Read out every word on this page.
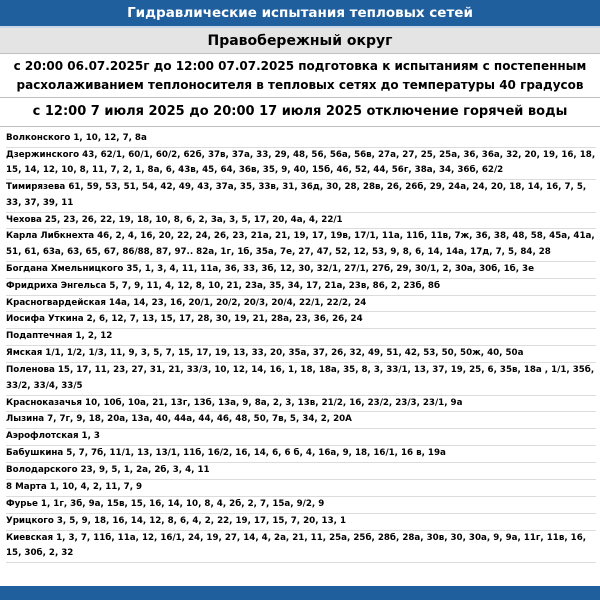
Гидравлические испытания тепловых сетей
Правобережный округ
с 20:00 06.07.2025г до 12:00 07.07.2025 подготовка к испытаниям с постепенным расхолаживанием теплоносителя в тепловых сетях до температуры 40 градусов
с 12:00 7 июля 2025 до 20:00 17 июля 2025 отключение горячей воды
Волконского 1, 10, 12, 7, 8а
Дзержинского 43, 62/1, 60/1, 60/2, 62б, 37в, 37а, 33, 29, 48, 56, 56а, 56в, 27а, 27, 25, 25а, 36, 36а, 32, 20, 19, 16, 18, 15, 14, 12, 10, 8, 11, 7, 2, 1, 8а, 6, 43в, 45, 64, 36в, 35, 9, 40, 15б, 46, 52, 44, 56г, 38а, 34, 36б, 62/2
Тимирязева 61, 59, 53, 51, 54, 42, 49, 43, 37а, 35, 33в, 31, 36д, 30, 28, 28в, 26, 26б, 29, 24а, 24, 20, 18, 14, 16, 7, 5, 33, 37, 39, 11
Чехова 25, 23, 26, 22, 19, 18, 10, 8, 6, 2, 3а, 3, 5, 17, 20, 4а, 4, 22/1
Карла Либкнехта 46, 2, 4, 16, 20, 22, 24, 26, 23, 21а, 21, 19, 17, 19в, 17/1, 11а, 11б, 11в, 7ж, 36, 38, 48, 58, 45а, 41а, 51, 61, 63а, 63, 65, 67, 86/88, 87, 97.. 82а, 1г, 1б, 35а, 7е, 27, 47, 52, 12, 53, 9, 8, 6, 14, 14а, 17д, 7, 5, 84, 28
Богдана Хмельницкого 35, 1, 3, 4, 11, 11а, 36, 33, 3б, 12, 30, 32/1, 27/1, 27б, 29, 30/1, 2, 30а, 30б, 1б, 3е
Фридриха Энгельса 5, 7, 9, 11, 4, 12, 8, 10, 21, 23а, 35, 34, 17, 21а, 23в, 86, 2, 23б, 8б
Красногвардейская 14а, 14, 23, 16, 20/1, 20/2, 20/3, 20/4, 22/1, 22/2, 24
Иосифа Уткина 2, 6, 12, 7, 13, 15, 17, 28, 30, 19, 21, 28а, 23, 36, 26, 24
Подаптечная 1, 2, 12
Ямская 1/1, 1/2, 1/3, 11, 9, 3, 5, 7, 15, 17, 19, 13, 33, 20, 35а, 37, 26, 32, 49, 51, 42, 53, 50, 50ж, 40, 50а
Поленова 15, 17, 11, 23, 27, 31, 21, 33/3, 10, 12, 14, 16, 1, 18, 18а, 35, 8, 3, 33/1, 13, 37, 19, 25, 6, 35в, 18а , 1/1, 35б, 33/2, 33/4, 33/5
Красноказачья 10, 10б, 10а, 21, 13г, 13б, 13а, 9, 8а, 2, 3, 13в, 21/2, 16, 23/2, 23/3, 23/1, 9а
Лызина 7, 7г, 9, 18, 20а, 13а, 40, 44а, 44, 46, 48, 50, 7в, 5, 34, 2, 20А
Аэрофлотская 1, 3
Бабушкина 5, 7, 7б, 11/1, 13, 13/1, 11б, 16/2, 16, 14, 6, 6 б, 4, 16а, 9, 18, 16/1, 16 в, 19а
Володарского 23, 9, 5, 1, 2а, 2б, 3, 4, 11
8 Марта 1, 10, 4, 2, 11, 7, 9
Фурье 1, 1г, 3б, 9а, 15в, 15, 16, 14, 10, 8, 4, 2б, 2, 7, 15а, 9/2, 9
Урицкого 3, 5, 9, 18, 16, 14, 12, 8, 6, 4, 2, 22, 19, 17, 15, 7, 20, 13, 1
Киевская 1, 3, 7, 11б, 11а, 12, 16/1, 24, 19, 27, 14, 4, 2а, 21, 11, 25а, 25б, 28б, 28а, 30в, 30, 30а, 9, 9а, 11г, 11в, 16, 15, 30б, 2, 32
